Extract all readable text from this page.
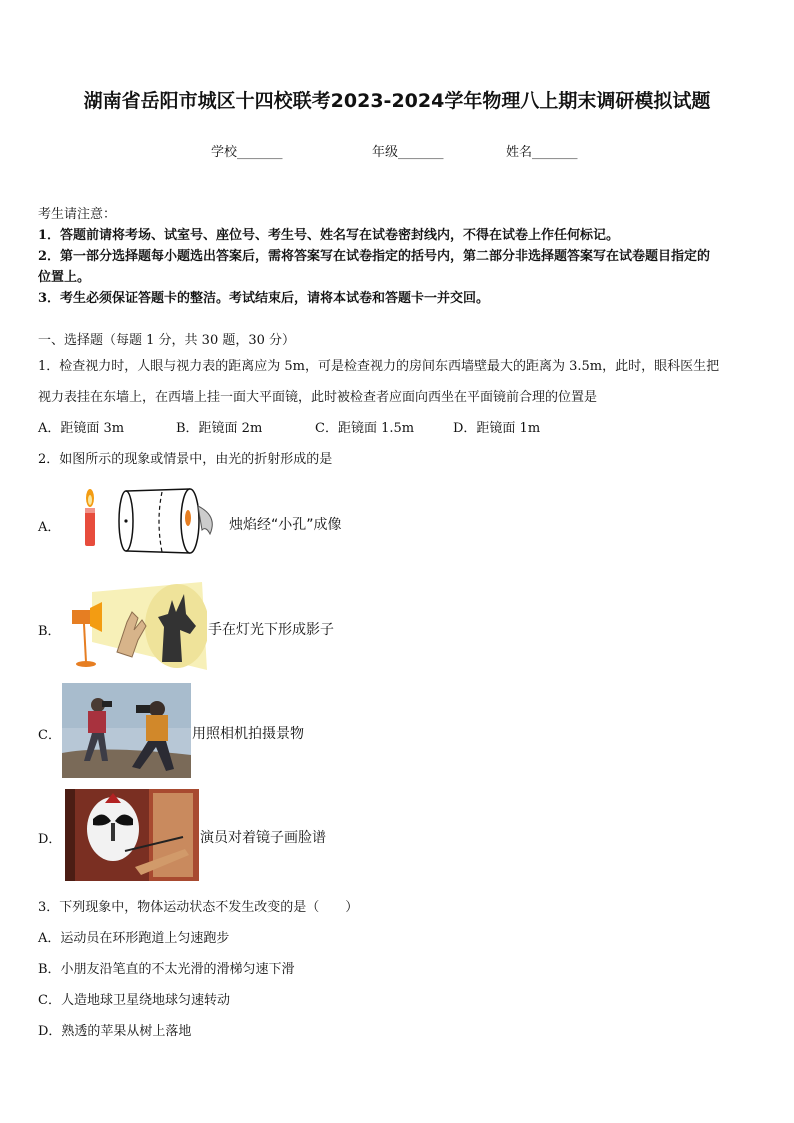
湖南省岳阳市城区十四校联考2023-2024学年物理八上期末调研模拟试题
学校_______	年级_______	姓名_______
考生请注意：
1．答题前请将考场、试室号、座位号、考生号、姓名写在试卷密封线内，不得在试卷上作任何标记。
2．第一部分选择题每小题选出答案后，需将答案写在试卷指定的括号内，第二部分非选择题答案写在试卷题目指定的
位置上。
3．考生必须保证答题卡的整洁。考试结束后，请将本试卷和答题卡一并交回。
一、选择题（每题 1 分，共 30 题，30 分）
1．检查视力时，人眼与视力表的距离应为 5m，可是检查视力的房间东西墙壁最大的距离为 3.5m，此时，眼科医生把
视力表挂在东墙上，在西墙上挂一面大平面镜，此时被检查者应面向西坐在平面镜前合理的位置是
A．距镜面 3m	B．距镜面 2m	C．距镜面 1.5m	D．距镜面 1m
2．如图所示的现象或情景中，由光的折射形成的是
A．	烛焰经“小孔”成像
B．	手在灯光下形成影子
C．	用照相机拍摄景物
D．	演员对着镜子画脸谱
3．下列现象中，物体运动状态不发生改变的是（　　）
A．运动员在环形跑道上匀速跑步
B．小朋友沿笔直的不太光滑的滑梯匀速下滑
C．人造地球卫星绕地球匀速转动
D．熟透的苹果从树上落地
